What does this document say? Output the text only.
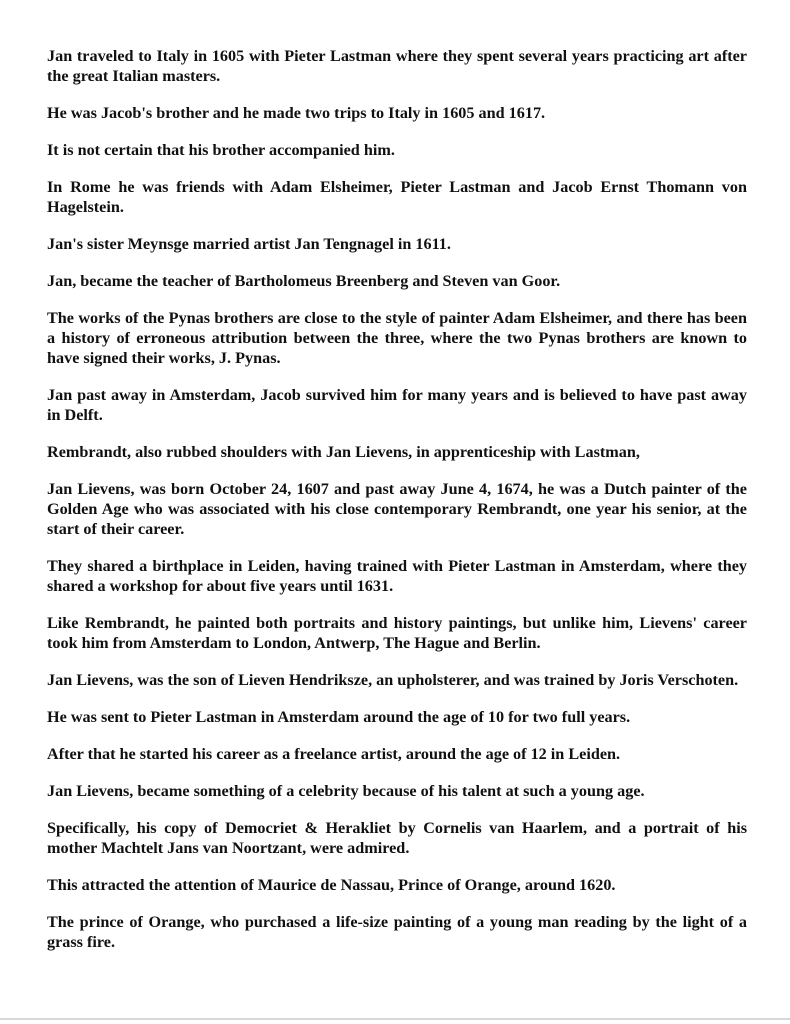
Jan traveled to Italy in 1605 with Pieter Lastman where they spent several years practicing art after the great Italian masters.

He was Jacob's brother and he made two trips to Italy in 1605 and 1617.

It is not certain that his brother accompanied him.

In Rome he was friends with Adam Elsheimer, Pieter Lastman and Jacob Ernst Thomann von Hagelstein.

Jan's sister Meynsge married artist Jan Tengnagel in 1611.

Jan, became the teacher of Bartholomeus Breenberg and Steven van Goor.

The works of the Pynas brothers are close to the style of painter Adam Elsheimer, and there has been a history of erroneous attribution between the three, where the two Pynas brothers are known to have signed their works, J. Pynas.

Jan past away in Amsterdam, Jacob survived him for many years and is believed to have past away in Delft.

Rembrandt, also rubbed shoulders with Jan Lievens, in apprenticeship with Lastman,

Jan Lievens, was born October 24, 1607 and past away June 4, 1674, he was a Dutch painter of the Golden Age who was associated with his close contemporary Rembrandt, one year his senior, at the start of their career.

They shared a birthplace in Leiden, having trained with Pieter Lastman in Amsterdam, where they shared a workshop for about five years until 1631.

Like Rembrandt, he painted both portraits and history paintings, but unlike him, Lievens' career took him from Amsterdam to London, Antwerp, The Hague and Berlin.

Jan Lievens, was the son of Lieven Hendriksze, an upholsterer, and was trained by Joris Verschoten.

He was sent to Pieter Lastman in Amsterdam around the age of 10 for two full years.

After that he started his career as a freelance artist, around the age of 12 in Leiden.

Jan Lievens, became something of a celebrity because of his talent at such a young age.

Specifically, his copy of Democriet & Herakliet by Cornelis van Haarlem, and a portrait of his mother Machtelt Jans van Noortzant, were admired.

This attracted the attention of Maurice de Nassau, Prince of Orange, around 1620.

The prince of Orange, who purchased a life-size painting of a young man reading by the light of a grass fire.
